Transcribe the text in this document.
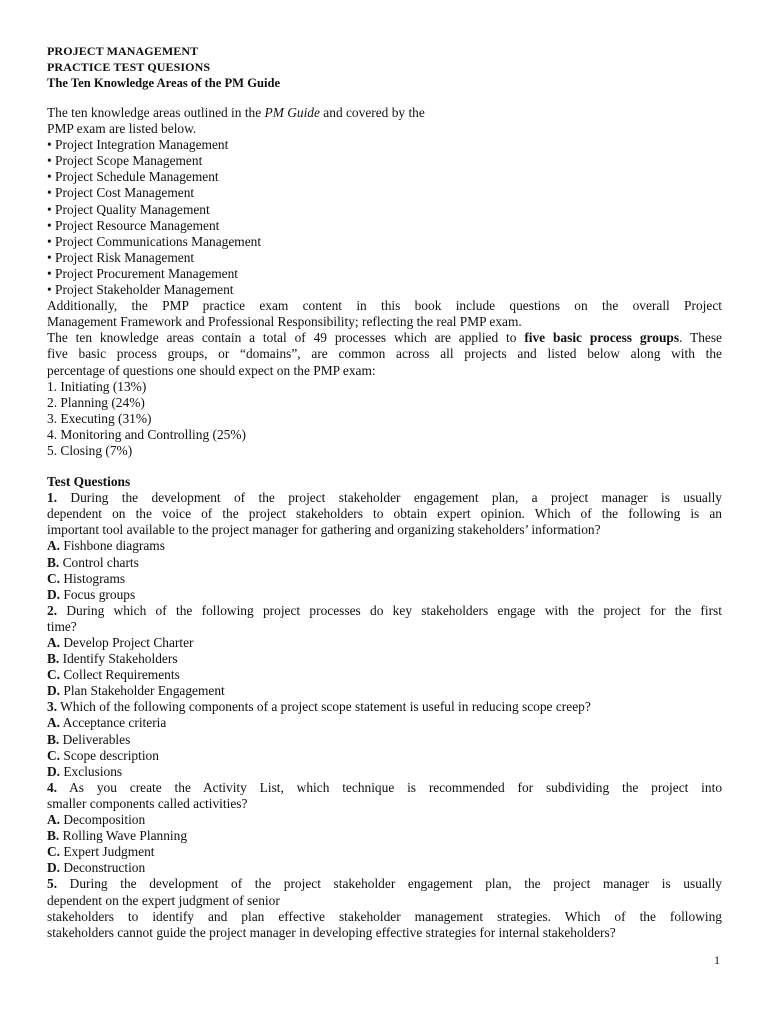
PROJECT MANAGEMENT
PRACTICE TEST QUESIONS
The Ten Knowledge Areas of the PM Guide
The ten knowledge areas outlined in the PM Guide and covered by the
PMP exam are listed below.
• Project Integration Management
• Project Scope Management
• Project Schedule Management
• Project Cost Management
• Project Quality Management
• Project Resource Management
• Project Communications Management
• Project Risk Management
• Project Procurement Management
• Project Stakeholder Management
Additionally, the PMP practice exam content in this book include questions on the overall Project
Management Framework and Professional Responsibility; reflecting the real PMP exam.
The ten knowledge areas contain a total of 49 processes which are applied to five basic process groups. These
five basic process groups, or “domains”, are common across all projects and listed below along with the
percentage of questions one should expect on the PMP exam:
1. Initiating (13%)
2. Planning (24%)
3. Executing (31%)
4. Monitoring and Controlling (25%)
5. Closing (7%)
Test Questions
1. During the development of the project stakeholder engagement plan, a project manager is usually
dependent on the voice of the project stakeholders to obtain expert opinion. Which of the following is an
important tool available to the project manager for gathering and organizing stakeholders’ information?
A. Fishbone diagrams
B. Control charts
C. Histograms
D. Focus groups
2. During which of the following project processes do key stakeholders engage with the project for the first
time?
A. Develop Project Charter
B. Identify Stakeholders
C. Collect Requirements
D. Plan Stakeholder Engagement
3. Which of the following components of a project scope statement is useful in reducing scope creep?
A. Acceptance criteria
B. Deliverables
C. Scope description
D. Exclusions
4. As you create the Activity List, which technique is recommended for subdividing the project into
smaller components called activities?
A. Decomposition
B. Rolling Wave Planning
C. Expert Judgment
D. Deconstruction
5. During the development of the project stakeholder engagement plan, the project manager is usually
dependent on the expert judgment of senior
stakeholders to identify and plan effective stakeholder management strategies. Which of the following
stakeholders cannot guide the project manager in developing effective strategies for internal stakeholders?
1
